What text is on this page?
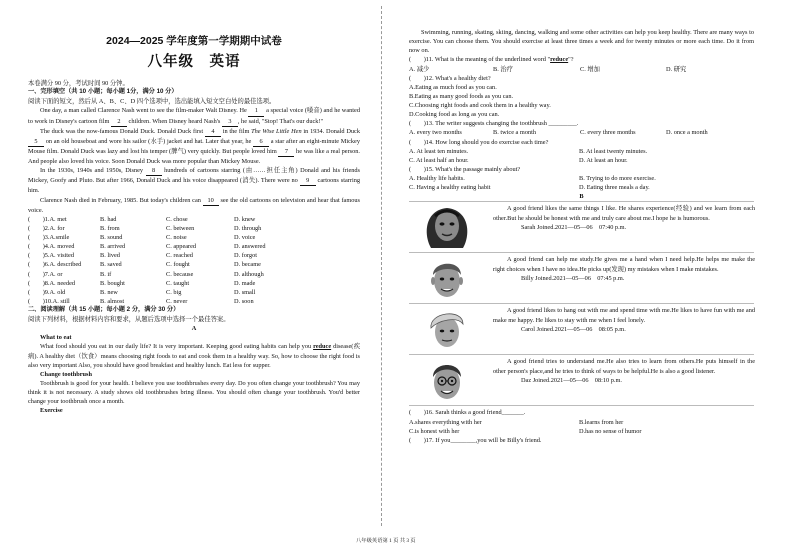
2024—2025 学年度第一学期期中试卷
八年级　英语

本卷满分 90 分，考试时间 90 分钟。

一、完形填空（共 10 小题；每小题 1分，满分 10 分）

阅读下面的短文，然后从 A、B、C、D 四个选项中，选出能填入短文空白处的最佳选项。

One day, a man called Clarence Nash went to see the film-maker Walt Disney. He 1 a special voice (嗓音) and he wanted to work in Disney's cartoon film 2 children. When Disney heard Nash's 3 , he said, "Stop! That's our duck!"

The duck was the now-famous Donald Duck. Donald Duck first 4 in the film The Wise Little Hen in 1934. Donald Duck 5 on an old houseboat and wore his sailor (水手) jacket and hat. Later that year, he 6 a star after an eight-minute Mickey Mouse film. Donald Duck was lazy and lost his temper (脾气) very quickly. But people loved him 7 he was like a real person. And people also loved his voice. Soon Donald Duck was more popular than Mickey Mouse.

In the 1930s, 1940s and 1950s, Disney 8 hundreds of cartoons starring (由……担任主角) Donald and his friends Mickey, Goofy and Pluto. But after 1966, Donald Duck and his voice disappeared (消失). There were no 9 cartoons starring him.

Clarence Nash died in February, 1985. But today's children can 10 see the old cartoons on television and hear that famous voice.

(　　)1.A. met	B. had	C. chose	D. knew
(　　)2.A. for	B. from	C. between	D. through
(　　)3.A.smile	B. sound	C. noise	D. voice
(　　)4.A. moved	B. arrived	C. appeared	D. answered
(　　)5.A. visited	B. lived	C. reached	D. forgot
(　　)6.A. described	B. saved	C. fought	D. became
(　　)7.A. or	B. if	C. because	D. although
(　　)8.A. needed	B. bought	C. taught	D. made
(　　)9.A. old	B. new	C. big	D. small
(　　)10.A. still	B. almost	C. never	D. soon

二、阅读理解（共 15 小题；每小题 2 分，满分 30 分）

阅读下列材料，根据材料内容和要求，从题后选项中选择一个最佳答案。

A

What to eat

What food should you eat in our daily life? It is very important. Keeping good eating habits can help you reduce disease(疾病). A healthy diet（饮食）means choosing right foods to eat and cook them in a healthy way. So, how to choose the right food is also very important Also, you should have good breakfast and healthy lunch. Eat less for supper.

Change toothbrush

Toothbrush is good for your health. I believe you use toothbrushes every day. Do you often change your toothbrush? You may think it is not necessary. A study shows old toothbrushes bring illness. You should often change your toothbrush. You'd better change your toothbrush once a month.

Exercise

Swimming, running, skating, skiing, dancing, walking and some other activities can help you keep healthy. There are many ways to exercise. You can choose them. You should exercise at least three times a week and for twenty minutes or more each time. Do it from now on.

(　　)11. What is the meaning of the underlined word "reduce"?

A. 减少	B. 治疗	C. 增加	D. 研究

(　　)12. What's a healthy diet?

A.Eating as much food as you can.

B.Eating as many good foods as you can.

C.Choosing right foods and cook them in a healthy way.

D.Cooking food as long as you can.

(　　)13. The writer suggests changing the toothbrush _________.

A. every two months	B. twice a month	C. every three months	D. once a month

(　　)14. How long should you do exercise each time?

A. At least ten minutes.	B. At least twenty minutes.
C. At least half an hour.	D. At least an hour.

(　　)15. What's the passage mainly about?

A. Healthy life habits.	B. Trying to do more exercise.
C. Having a healthy eating habit	D. Eating three meals a day.

B

A good friend likes the same things I like. He shares experience(经验) and we learn from each other.But he should be honest with me and truly care about me.I hope he is humorous.
Sarah Joined.2021—05—06　07:40 p.m.
A good friend can help me study.He gives me a hand when I need help.He helps me make the right choices when I have no idea.He picks up(发现) my mistakes when I make mistakes.
Billy Joined.2021—05—06　07:45 p.m.
A good friend likes to hang out with me and spend time with me.He likes to have fun with me and make me happy. He likes to stay with me when I feel lonely.
Carol Joined.2021—05—06　08:05 p.m.
A good friend tries to understand me.He also tries to learn from others.He puts himself in the other person's place,and he tries to think of ways to be helpful.He is also a good listener.
Daz Joined.2021—05—06　08:10 p.m.

(　　)16. Sarah thinks a good friend_______.

A.shares everything with her	B.learns from her
C.is honest with her	D.has no sense of humor

(　　)17. If you________,you will be Billy's friend.

八年级英语第 1 页 共 3 页
